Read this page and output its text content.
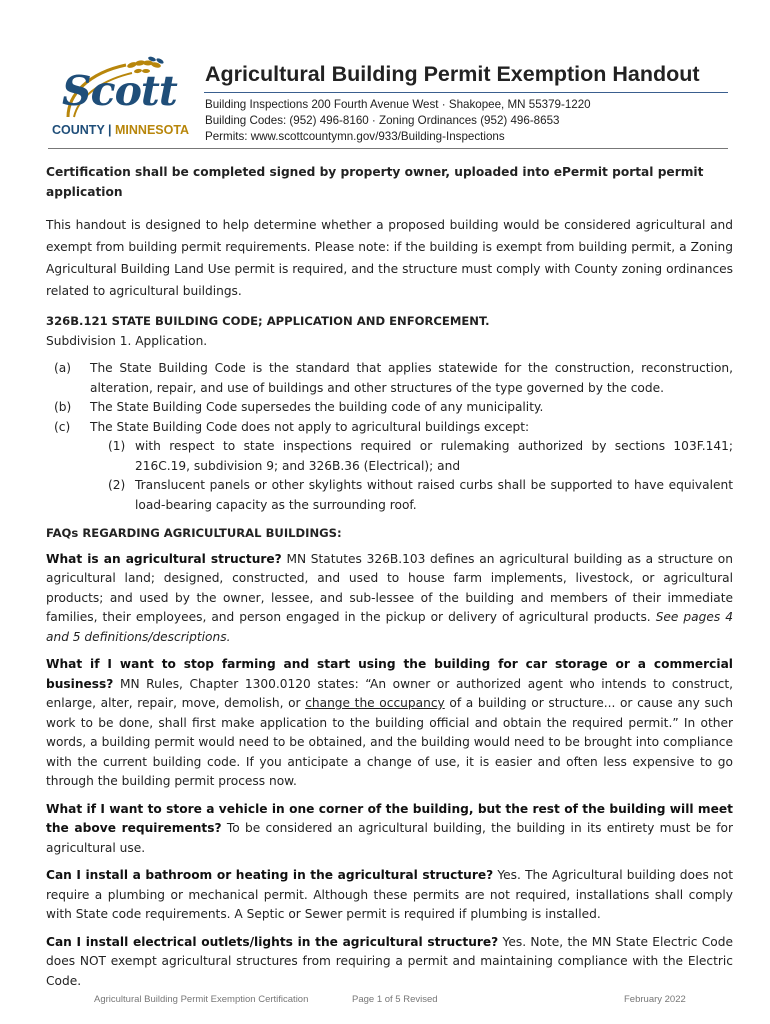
Scott
COUNTY | MINNESOTA
Agricultural Building Permit Exemption Handout
Building Inspections 200 Fourth Avenue West · Shakopee, MN 55379-1220
Building Codes: (952) 496-8160 · Zoning Ordinances (952) 496-8653
Permits: www.scottcountymn.gov/933/Building-Inspections

Certification shall be completed signed by property owner, uploaded into ePermit portal permit application

This handout is designed to help determine whether a proposed building would be considered agricultural and exempt from building permit requirements. Please note: if the building is exempt from building permit, a Zoning Agricultural Building Land Use permit is required, and the structure must comply with County zoning ordinances related to agricultural buildings.

326B.121 STATE BUILDING CODE; APPLICATION AND ENFORCEMENT.

Subdivision 1. Application.

(a) The State Building Code is the standard that applies statewide for the construction, reconstruction, alteration, repair, and use of buildings and other structures of the type governed by the code.
(b) The State Building Code supersedes the building code of any municipality.
(c) The State Building Code does not apply to agricultural buildings except:
(1) with respect to state inspections required or rulemaking authorized by sections 103F.141; 216C.19, subdivision 9; and 326B.36 (Electrical); and
(2) Translucent panels or other skylights without raised curbs shall be supported to have equivalent load-bearing capacity as the surrounding roof.

FAQs REGARDING AGRICULTURAL BUILDINGS:

What is an agricultural structure? MN Statutes 326B.103 defines an agricultural building as a structure on agricultural land; designed, constructed, and used to house farm implements, livestock, or agricultural products; and used by the owner, lessee, and sub-lessee of the building and members of their immediate families, their employees, and person engaged in the pickup or delivery of agricultural products. See pages 4 and 5 definitions/descriptions.

What if I want to stop farming and start using the building for car storage or a commercial business? MN Rules, Chapter 1300.0120 states: “An owner or authorized agent who intends to construct, enlarge, alter, repair, move, demolish, or change the occupancy of a building or structure... or cause any such work to be done, shall first make application to the building official and obtain the required permit.” In other words, a building permit would need to be obtained, and the building would need to be brought into compliance with the current building code. If you anticipate a change of use, it is easier and often less expensive to go through the building permit process now.

What if I want to store a vehicle in one corner of the building, but the rest of the building will meet the above requirements? To be considered an agricultural building, the building in its entirety must be for agricultural use.

Can I install a bathroom or heating in the agricultural structure? Yes. The Agricultural building does not require a plumbing or mechanical permit. Although these permits are not required, installations shall comply with State code requirements. A Septic or Sewer permit is required if plumbing is installed.

Can I install electrical outlets/lights in the agricultural structure? Yes. Note, the MN State Electric Code does NOT exempt agricultural structures from requiring a permit and maintaining compliance with the Electric Code.

Agricultural Building Permit Exemption Certification	Page 1 of 5 Revised	February 2022
